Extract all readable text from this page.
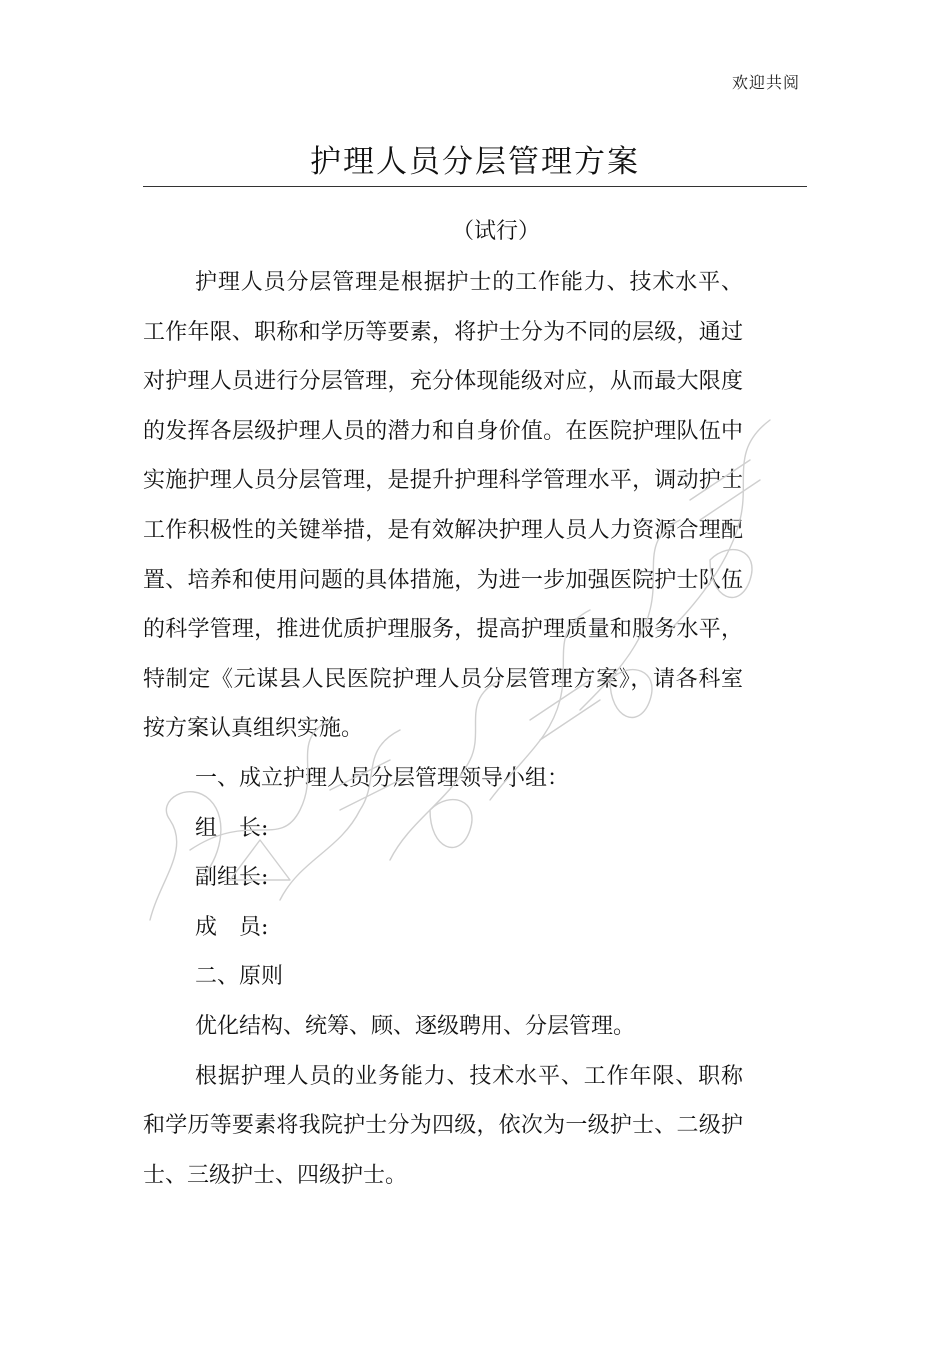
欢迎共阅
护理人员分层管理方案
（试行）

护理人员分层管理是根据护士的工作能力、技术水平、工作年限、职称和学历等要素，将护士分为不同的层级，通过对护理人员进行分层管理，充分体现能级对应，从而最大限度的发挥各层级护理人员的潜力和自身价值。在医院护理队伍中实施护理人员分层管理，是提升护理科学管理水平，调动护士工作积极性的关键举措，是有效解决护理人员人力资源合理配置、培养和使用问题的具体措施，为进一步加强医院护士队伍的科学管理，推进优质护理服务，提高护理质量和服务水平，特制定《元谋县人民医院护理人员分层管理方案》，请各科室按方案认真组织实施。

一、成立护理人员分层管理领导小组：

组　长:

副组长:

成　员:

二、原则

优化结构、统筹、顾、逐级聘用、分层管理。

根据护理人员的业务能力、技术水平、工作年限、职称和学历等要素将我院护士分为四级，依次为一级护士、二级护士、三级护士、四级护士。
